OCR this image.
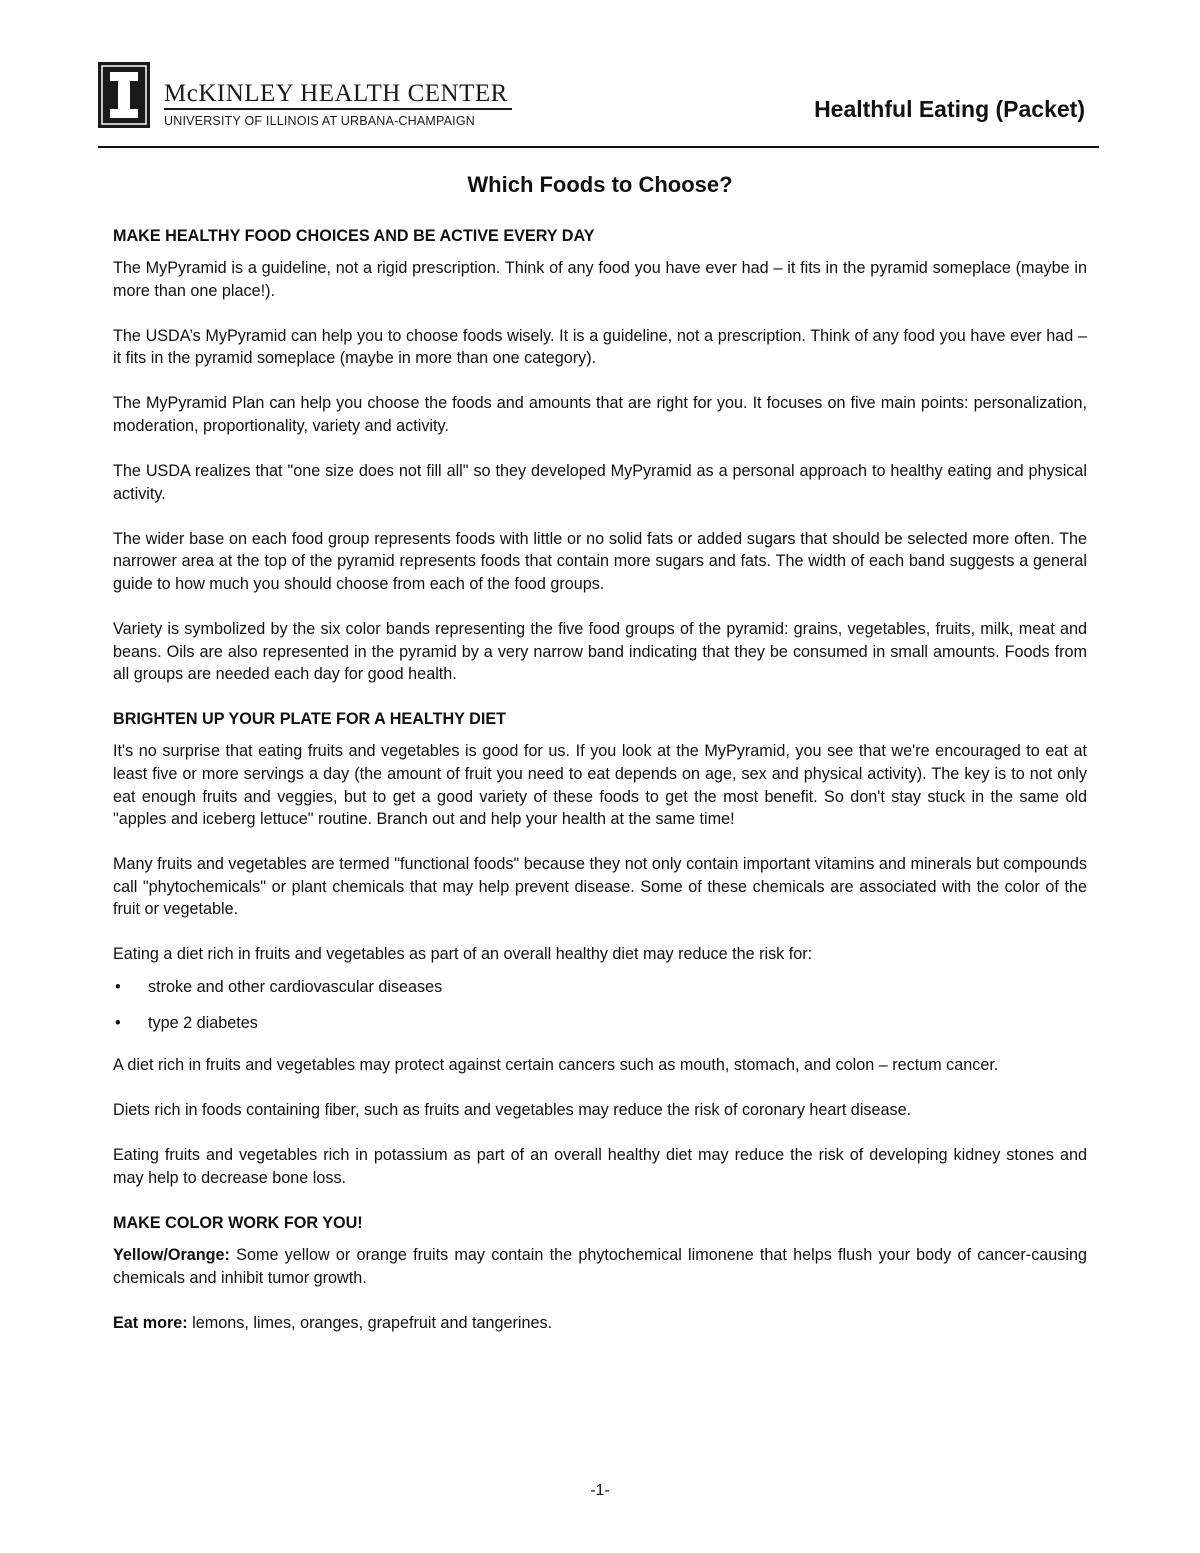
McKINLEY HEALTH CENTER
UNIVERSITY OF ILLINOIS AT URBANA-CHAMPAIGN	Healthful Eating (Packet)
Which Foods to Choose?
MAKE HEALTHY FOOD CHOICES AND BE ACTIVE EVERY DAY

The MyPyramid is a guideline, not a rigid prescription. Think of any food you have ever had – it fits in the pyramid someplace (maybe in more than one place!).

The USDA’s MyPyramid can help you to choose foods wisely. It is a guideline, not a prescription. Think of any food you have ever had – it fits in the pyramid someplace (maybe in more than one category).

The MyPyramid Plan can help you choose the foods and amounts that are right for you. It focuses on five main points: personalization, moderation, proportionality, variety and activity.

The USDA realizes that "one size does not fill all" so they developed MyPyramid as a personal approach to healthy eating and physical activity.

The wider base on each food group represents foods with little or no solid fats or added sugars that should be selected more often. The narrower area at the top of the pyramid represents foods that contain more sugars and fats. The width of each band suggests a general guide to how much you should choose from each of the food groups.

Variety is symbolized by the six color bands representing the five food groups of the pyramid: grains, vegetables, fruits, milk, meat and beans. Oils are also represented in the pyramid by a very narrow band indicating that they be consumed in small amounts. Foods from all groups are needed each day for good health.

BRIGHTEN UP YOUR PLATE FOR A HEALTHY DIET

It's no surprise that eating fruits and vegetables is good for us. If you look at the MyPyramid, you see that we're encouraged to eat at least five or more servings a day (the amount of fruit you need to eat depends on age, sex and physical activity). The key is to not only eat enough fruits and veggies, but to get a good variety of these foods to get the most benefit. So don't stay stuck in the same old "apples and iceberg lettuce" routine. Branch out and help your health at the same time!

Many fruits and vegetables are termed "functional foods" because they not only contain important vitamins and minerals but compounds call "phytochemicals" or plant chemicals that may help prevent disease. Some of these chemicals are associated with the color of the fruit or vegetable.

Eating a diet rich in fruits and vegetables as part of an overall healthy diet may reduce the risk for:

• stroke and other cardiovascular diseases
• type 2 diabetes

A diet rich in fruits and vegetables may protect against certain cancers such as mouth, stomach, and colon – rectum cancer.

Diets rich in foods containing fiber, such as fruits and vegetables may reduce the risk of coronary heart disease.

Eating fruits and vegetables rich in potassium as part of an overall healthy diet may reduce the risk of developing kidney stones and may help to decrease bone loss.

MAKE COLOR WORK FOR YOU!

Yellow/Orange: Some yellow or orange fruits may contain the phytochemical limonene that helps flush your body of cancer-causing chemicals and inhibit tumor growth.

Eat more: lemons, limes, oranges, grapefruit and tangerines.

-1-
